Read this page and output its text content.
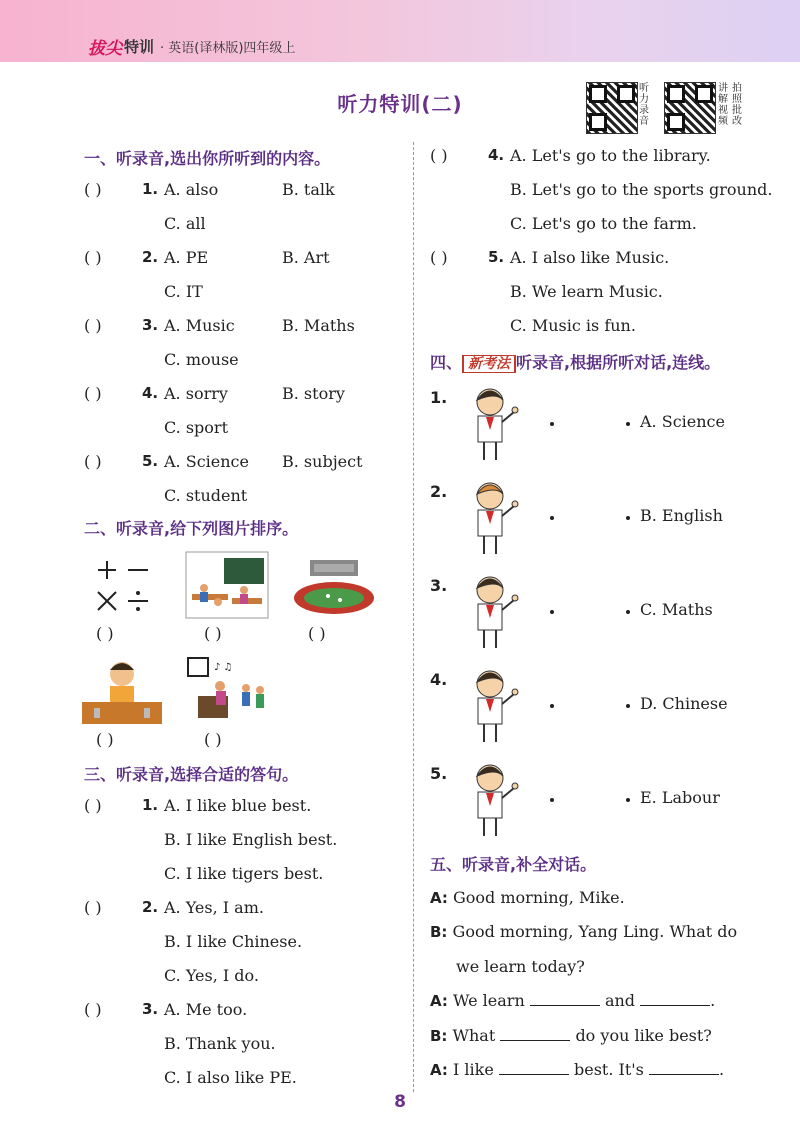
拔尖 特训 · 英语(译林版)四年级上
听力特训(二)
听
力
录
音
讲
解
视
频
拍
照
批
改
一、听录音,选出你所听到的内容。
( )	1. A. also	B. talk
C. all
( )	2. A. PE	B. Art
C. IT
( )	3. A. Music	B. Maths
C. mouse
( )	4. A. sorry	B. story
C. sport
( )	5. A. Science B. subject
C. student
二、听录音,给下列图片排序。
( )	( )	( )
♪ ♫
( )	( )
三、听录音,选择合适的答句。
( )	1. A. I like blue best.
B. I like English best.
C. I like tigers best.
( )	2. A. Yes, I am.
B. I like Chinese.
C. Yes, I do.
( )	3. A. Me too.
B. Thank you.
C. I also like PE.
( )	4. A. Let's go to the library.
B. Let's go to the sports ground.
C. Let's go to the farm.
( )	5. A. I also like Music.
B. We learn Music.
C. Music is fun.
四、 新考法 听录音,根据所听对话,连线。
1.
A. Science
2.
B. English
3.
C. Maths
4.
D. Chinese
5.
E. Labour
五、听录音,补全对话。
A: Good morning, Mike.
B: Good morning, Yang Ling. What do
we learn today?
A: We learn	and	.
B: What	do you like best?
A: I like	best. It's	.
8
